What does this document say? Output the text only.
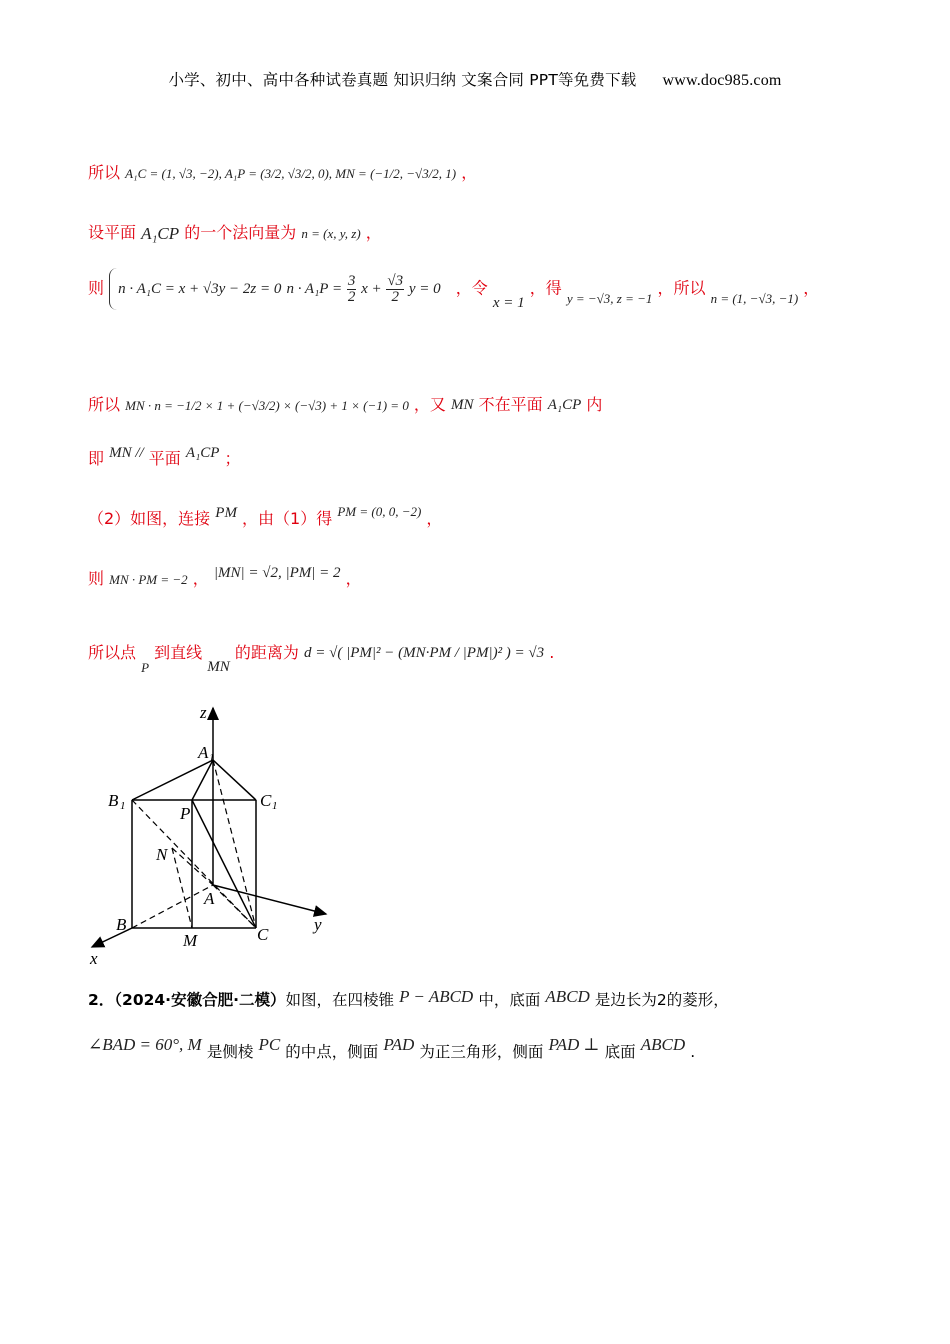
小学、初中、高中各种试卷真题 知识归纳 文案合同 PPT等免费下载 www.doc985.com
所以 A₁C = (1, √3, −2), A₁P = (3/2, √3/2, 0), MN = (−1/2, −√3/2, 1) ，
设平面 A₁CP 的一个法向量为 n = (x, y, z) ，
则 n · A₁C = x + √3y − 2z = 0 $n \cdot A_1P = \frac{3}{2}$ $x + \frac{√3}{2}$ y = 0 ，令 x = 1 ，得 y = −√3, z = −1 ，所以 n = (1, −√3, −1) ，
所以 MN · n = −1/2 × 1 + (−√3/2) × (−√3) + 1 × (−1) = 0 ，又 MN 不在平面 A₁CP 内
即 MN // 平面 A₁CP ；
（2）如图，连接 PM ，由（1）得 PM = (0, 0, −2) ，
则 MN · PM = −2 ， |MN| = √2, |PM| = 2 ，
所以点 P 到直线 MN 的距离为 d = √( |PM|² − (MN·PM / |PM|)² ) = √3 .
z
y
x
A 1
B 1	C 1
P
N
A
B
M	C
2．（2024·安徽合肥·二模）如图，在四棱锥 P − ABCD 中，底面 ABCD 是边长为2的菱形，
∠BAD = 60°, M 是侧棱 PC 的中点，侧面 PAD 为正三角形，侧面 PAD ⊥ 底面 ABCD .
